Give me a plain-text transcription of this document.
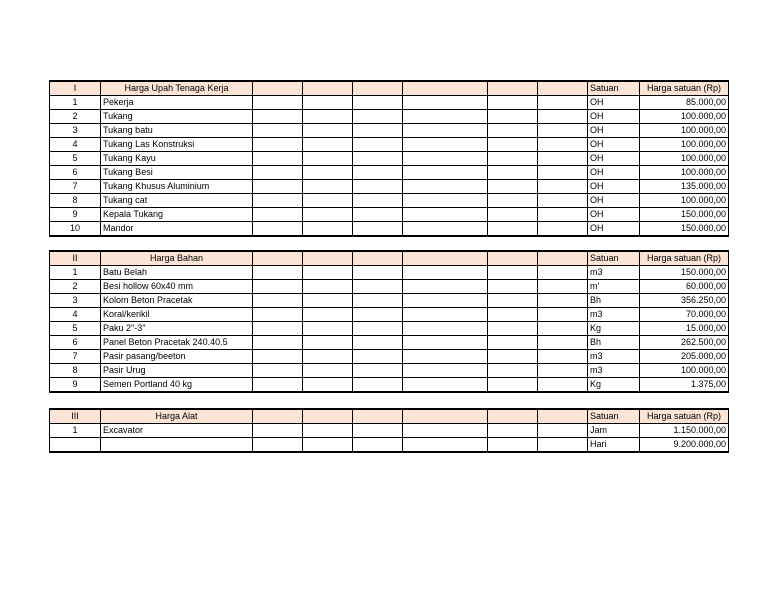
I	Harga Upah Tenaga Kerja							Satuan	Harga satuan (Rp)
1	Pekerja							OH	85.000,00
2	Tukang							OH	100.000,00
3	Tukang batu							OH	100.000,00
4	Tukang Las Konstruksi							OH	100.000,00
5	Tukang Kayu							OH	100.000,00
6	Tukang Besi							OH	100.000,00
7	Tukang Khusus Aluminium							OH	135.000,00
8	Tukang cat							OH	100.000,00
9	Kepala Tukang							OH	150.000,00
10	Mandor							OH	150.000,00
II	Harga Bahan							Satuan	Harga satuan (Rp)
1	Batu Belah							m3	150.000,00
2	Besi hollow 60x40 mm							m'	60.000,00
3	Kolom Beton Pracetak							Bh	356.250,00
4	Koral/kerikil							m3	70.000,00
5	Paku 2"-3"							Kg	15.000,00
6	Panel Beton Pracetak 240.40.5							Bh	262.500,00
7	Pasir pasang/beeton							m3	205.000,00
8	Pasir Urug							m3	100.000,00
9	Semen Portland 40 kg							Kg	1.375,00
III	Harga Alat							Satuan	Harga satuan (Rp)
1	Excavator							Jam	1.150.000,00
								Hari	9.200.000,00
